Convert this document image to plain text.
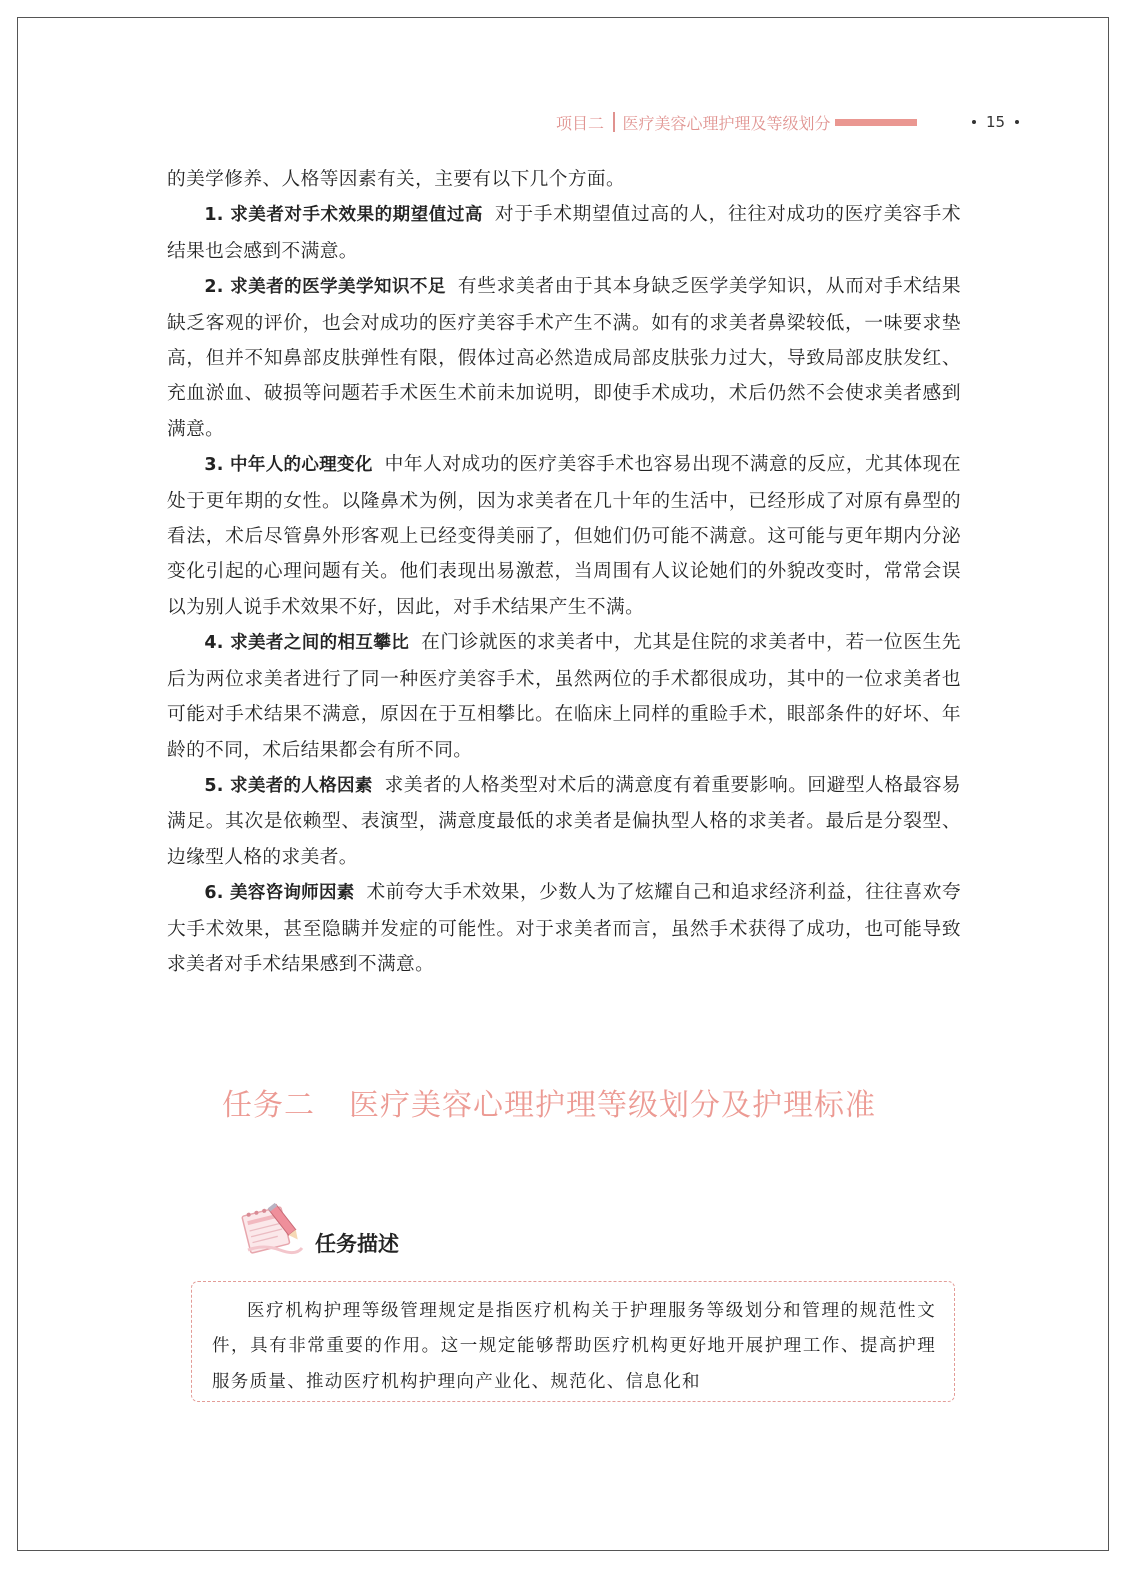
项目二 医疗美容心理护理及等级划分	15

的美学修养、人格等因素有关，主要有以下几个方面。

1. 求美者对手术效果的期望值过高 对于手术期望值过高的人，往往对成功的医疗美容手术结果也会感到不满意。

2. 求美者的医学美学知识不足 有些求美者由于其本身缺乏医学美学知识，从而对手术结果缺乏客观的评价，也会对成功的医疗美容手术产生不满。如有的求美者鼻梁较低，一味要求垫高，但并不知鼻部皮肤弹性有限，假体过高必然造成局部皮肤张力过大，导致局部皮肤发红、充血淤血、破损等问题若手术医生术前未加说明，即使手术成功，术后仍然不会使求美者感到满意。

3. 中年人的心理变化 中年人对成功的医疗美容手术也容易出现不满意的反应，尤其体现在处于更年期的女性。以隆鼻术为例，因为求美者在几十年的生活中，已经形成了对原有鼻型的看法，术后尽管鼻外形客观上已经变得美丽了，但她们仍可能不满意。这可能与更年期内分泌变化引起的心理问题有关。他们表现出易激惹，当周围有人议论她们的外貌改变时，常常会误以为别人说手术效果不好，因此，对手术结果产生不满。

4. 求美者之间的相互攀比 在门诊就医的求美者中，尤其是住院的求美者中，若一位医生先后为两位求美者进行了同一种医疗美容手术，虽然两位的手术都很成功，其中的一位求美者也可能对手术结果不满意，原因在于互相攀比。在临床上同样的重睑手术，眼部条件的好坏、年龄的不同，术后结果都会有所不同。

5. 求美者的人格因素 求美者的人格类型对术后的满意度有着重要影响。回避型人格最容易满足。其次是依赖型、表演型，满意度最低的求美者是偏执型人格的求美者。最后是分裂型、边缘型人格的求美者。

6. 美容咨询师因素 术前夸大手术效果，少数人为了炫耀自己和追求经济利益，往往喜欢夸大手术效果，甚至隐瞒并发症的可能性。对于求美者而言，虽然手术获得了成功，也可能导致求美者对手术结果感到不满意。

任务二 医疗美容心理护理等级划分及护理标准
任务描述

医疗机构护理等级管理规定是指医疗机构关于护理服务等级划分和管理的规范性文件，具有非常重要的作用。这一规定能够帮助医疗机构更好地开展护理工作、提高护理服务质量、推动医疗机构护理向产业化、规范化、信息化和
